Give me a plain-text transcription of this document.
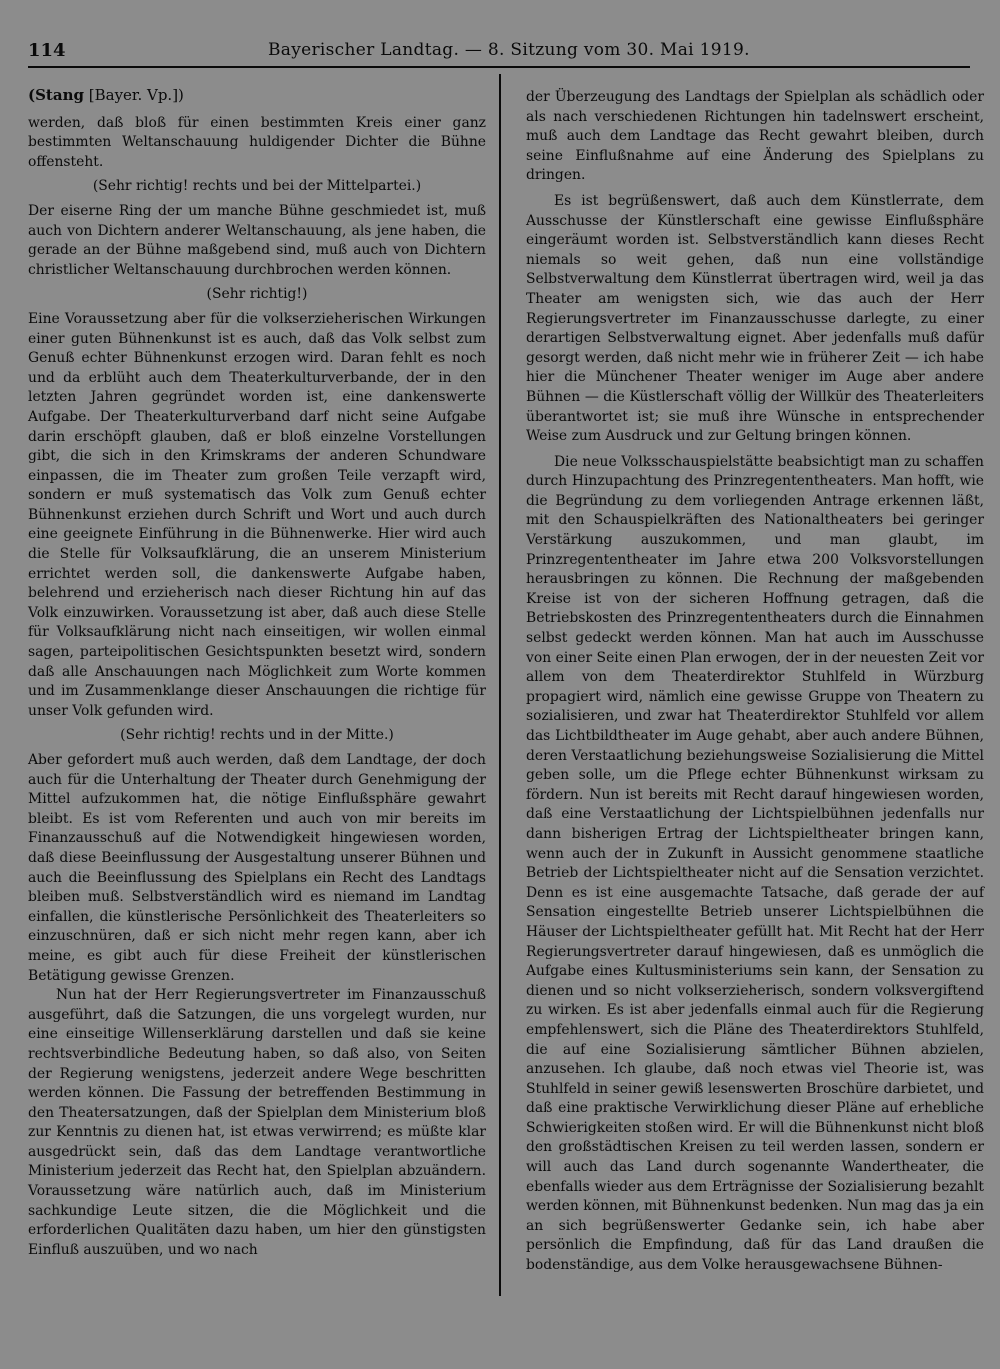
114	Bayerischer Landtag. — 8. Sitzung vom 30. Mai 1919.

(Stang [Bayer. Vp.])

werden, daß bloß für einen bestimmten Kreis einer ganz bestimmten Weltanschauung huldigender Dichter die Bühne offensteht.

(Sehr richtig! rechts und bei der Mittelpartei.)

Der eiserne Ring der um manche Bühne geschmiedet ist, muß auch von Dichtern anderer Weltanschauung, als jene haben, die gerade an der Bühne maßgebend sind, muß auch von Dichtern christlicher Weltanschauung durchbrochen werden können.

(Sehr richtig!)

Eine Voraussetzung aber für die volkserzieherischen Wirkungen einer guten Bühnenkunst ist es auch, daß das Volk selbst zum Genuß echter Bühnenkunst erzogen wird. Daran fehlt es noch und da erblüht auch dem Theaterkulturverbande, der in den letzten Jahren gegründet worden ist, eine dankenswerte Aufgabe. Der Theaterkulturverband darf nicht seine Aufgabe darin erschöpft glauben, daß er bloß einzelne Vorstellungen gibt, die sich in den Krimskrams der anderen Schundware einpassen, die im Theater zum großen Teile verzapft wird, sondern er muß systematisch das Volk zum Genuß echter Bühnenkunst erziehen durch Schrift und Wort und auch durch eine geeignete Einführung in die Bühnenwerke. Hier wird auch die Stelle für Volksaufklärung, die an unserem Ministerium errichtet werden soll, die dankenswerte Aufgabe haben, belehrend und erzieherisch nach dieser Richtung hin auf das Volk einzuwirken. Voraussetzung ist aber, daß auch diese Stelle für Volksaufklärung nicht nach einseitigen, wir wollen einmal sagen, parteipolitischen Gesichtspunkten besetzt wird, sondern daß alle Anschauungen nach Möglichkeit zum Worte kommen und im Zusammenklange dieser Anschauungen die richtige für unser Volk gefunden wird.

(Sehr richtig! rechts und in der Mitte.)

Aber gefordert muß auch werden, daß dem Landtage, der doch auch für die Unterhaltung der Theater durch Genehmigung der Mittel aufzukommen hat, die nötige Einflußsphäre gewahrt bleibt. Es ist vom Referenten und auch von mir bereits im Finanzausschuß auf die Notwendigkeit hingewiesen worden, daß diese Beeinflussung der Ausgestaltung unserer Bühnen und auch die Beeinflussung des Spielplans ein Recht des Landtags bleiben muß. Selbstverständlich wird es niemand im Landtag einfallen, die künstlerische Persönlichkeit des Theaterleiters so einzuschnüren, daß er sich nicht mehr regen kann, aber ich meine, es gibt auch für diese Freiheit der künstlerischen Betätigung gewisse Grenzen.

Nun hat der Herr Regierungsvertreter im Finanzausschuß ausgeführt, daß die Satzungen, die uns vorgelegt wurden, nur eine einseitige Willenserklärung darstellen und daß sie keine rechtsverbindliche Bedeutung haben, so daß also, von Seiten der Regierung wenigstens, jederzeit andere Wege beschritten werden können. Die Fassung der betreffenden Bestimmung in den Theatersatzungen, daß der Spielplan dem Ministerium bloß zur Kenntnis zu dienen hat, ist etwas verwirrend; es müßte klar ausgedrückt sein, daß das dem Landtage verantwortliche Ministerium jederzeit das Recht hat, den Spielplan abzuändern. Voraussetzung wäre natürlich auch, daß im Ministerium sachkundige Leute sitzen, die die Möglichkeit und die erforderlichen Qualitäten dazu haben, um hier den günstigsten Einfluß auszuüben, und wo nach

der Überzeugung des Landtags der Spielplan als schädlich oder als nach verschiedenen Richtungen hin tadelnswert erscheint, muß auch dem Landtage das Recht gewahrt bleiben, durch seine Einflußnahme auf eine Änderung des Spielplans zu dringen.

Es ist begrüßenswert, daß auch dem Künstlerrate, dem Ausschusse der Künstlerschaft eine gewisse Einflußsphäre eingeräumt worden ist. Selbstverständlich kann dieses Recht niemals so weit gehen, daß nun eine vollständige Selbstverwaltung dem Künstlerrat übertragen wird, weil ja das Theater am wenigsten sich, wie das auch der Herr Regierungsvertreter im Finanzausschusse darlegte, zu einer derartigen Selbstverwaltung eignet. Aber jedenfalls muß dafür gesorgt werden, daß nicht mehr wie in früherer Zeit — ich habe hier die Münchener Theater weniger im Auge aber andere Bühnen — die Küstlerschaft völlig der Willkür des Theaterleiters überantwortet ist; sie muß ihre Wünsche in entsprechender Weise zum Ausdruck und zur Geltung bringen können.

Die neue Volksschauspielstätte beabsichtigt man zu schaffen durch Hinzupachtung des Prinzregententheaters. Man hofft, wie die Begründung zu dem vorliegenden Antrage erkennen läßt, mit den Schauspielkräften des Nationaltheaters bei geringer Verstärkung auszukommen, und man glaubt, im Prinzregententheater im Jahre etwa 200 Volksvorstellungen herausbringen zu können. Die Rechnung der maßgebenden Kreise ist von der sicheren Hoffnung getragen, daß die Betriebskosten des Prinzregententheaters durch die Einnahmen selbst gedeckt werden können. Man hat auch im Ausschusse von einer Seite einen Plan erwogen, der in der neuesten Zeit vor allem von dem Theaterdirektor Stuhlfeld in Würzburg propagiert wird, nämlich eine gewisse Gruppe von Theatern zu sozialisieren, und zwar hat Theaterdirektor Stuhlfeld vor allem das Lichtbildtheater im Auge gehabt, aber auch andere Bühnen, deren Verstaatlichung beziehungsweise Sozialisierung die Mittel geben solle, um die Pflege echter Bühnenkunst wirksam zu fördern. Nun ist bereits mit Recht darauf hingewiesen worden, daß eine Verstaatlichung der Lichtspielbühnen jedenfalls nur dann bisherigen Ertrag der Lichtspieltheater bringen kann, wenn auch der in Zukunft in Aussicht genommene staatliche Betrieb der Lichtspieltheater nicht auf die Sensation verzichtet. Denn es ist eine ausgemachte Tatsache, daß gerade der auf Sensation eingestellte Betrieb unserer Lichtspielbühnen die Häuser der Lichtspieltheater gefüllt hat. Mit Recht hat der Herr Regierungsvertreter darauf hingewiesen, daß es unmöglich die Aufgabe eines Kultusministeriums sein kann, der Sensation zu dienen und so nicht volkserzieherisch, sondern volksvergiftend zu wirken. Es ist aber jedenfalls einmal auch für die Regierung empfehlenswert, sich die Pläne des Theaterdirektors Stuhlfeld, die auf eine Sozialisierung sämtlicher Bühnen abzielen, anzusehen. Ich glaube, daß noch etwas viel Theorie ist, was Stuhlfeld in seiner gewiß lesenswerten Broschüre darbietet, und daß eine praktische Verwirklichung dieser Pläne auf erhebliche Schwierigkeiten stoßen wird. Er will die Bühnenkunst nicht bloß den großstädtischen Kreisen zu teil werden lassen, sondern er will auch das Land durch sogenannte Wandertheater, die ebenfalls wieder aus dem Erträgnisse der Sozialisierung bezahlt werden können, mit Bühnenkunst bedenken. Nun mag das ja ein an sich begrüßenswerter Gedanke sein, ich habe aber persönlich die Empfindung, daß für das Land draußen die bodenständige, aus dem Volke herausgewachsene Bühnen-
